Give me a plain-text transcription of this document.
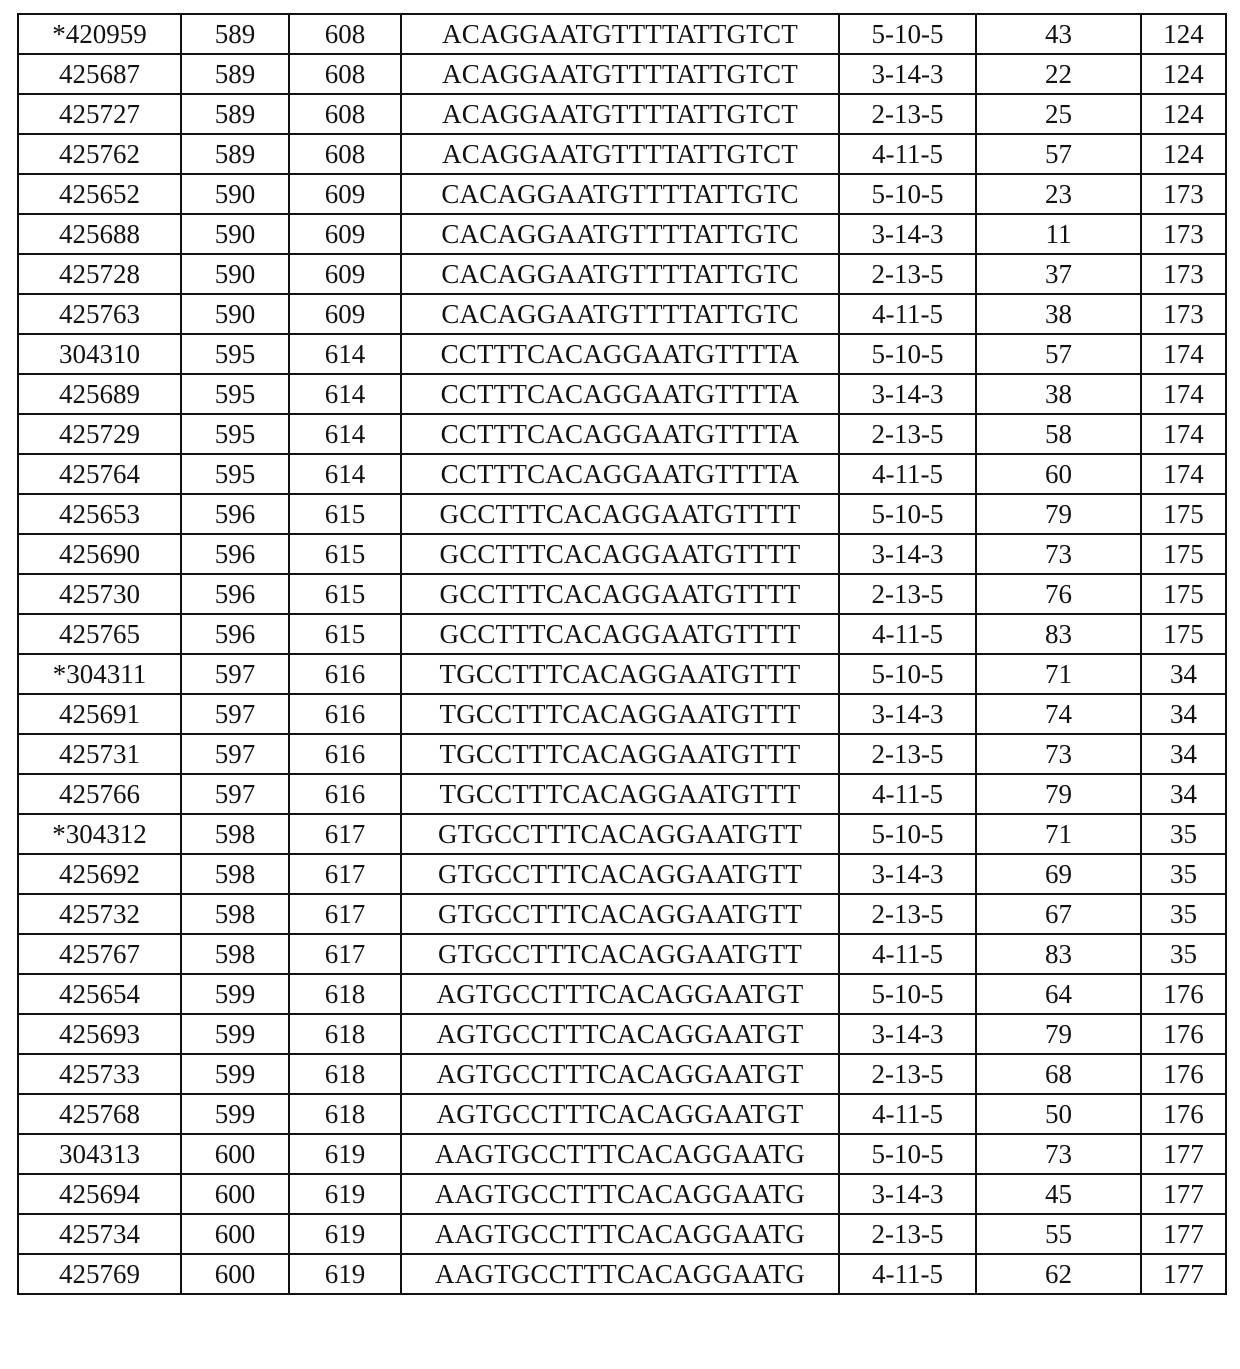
*420959	589	608	ACAGGAATGTTTTATTGTCT	5-10-5	43	124
425687	589	608	ACAGGAATGTTTTATTGTCT	3-14-3	22	124
425727	589	608	ACAGGAATGTTTTATTGTCT	2-13-5	25	124
425762	589	608	ACAGGAATGTTTTATTGTCT	4-11-5	57	124
425652	590	609	CACAGGAATGTTTTATTGTC	5-10-5	23	173
425688	590	609	CACAGGAATGTTTTATTGTC	3-14-3	11	173
425728	590	609	CACAGGAATGTTTTATTGTC	2-13-5	37	173
425763	590	609	CACAGGAATGTTTTATTGTC	4-11-5	38	173
304310	595	614	CCTTTCACAGGAATGTTTTA	5-10-5	57	174
425689	595	614	CCTTTCACAGGAATGTTTTA	3-14-3	38	174
425729	595	614	CCTTTCACAGGAATGTTTTA	2-13-5	58	174
425764	595	614	CCTTTCACAGGAATGTTTTA	4-11-5	60	174
425653	596	615	GCCTTTCACAGGAATGTTTT	5-10-5	79	175
425690	596	615	GCCTTTCACAGGAATGTTTT	3-14-3	73	175
425730	596	615	GCCTTTCACAGGAATGTTTT	2-13-5	76	175
425765	596	615	GCCTTTCACAGGAATGTTTT	4-11-5	83	175
*304311	597	616	TGCCTTTCACAGGAATGTTT	5-10-5	71	34
425691	597	616	TGCCTTTCACAGGAATGTTT	3-14-3	74	34
425731	597	616	TGCCTTTCACAGGAATGTTT	2-13-5	73	34
425766	597	616	TGCCTTTCACAGGAATGTTT	4-11-5	79	34
*304312	598	617	GTGCCTTTCACAGGAATGTT	5-10-5	71	35
425692	598	617	GTGCCTTTCACAGGAATGTT	3-14-3	69	35
425732	598	617	GTGCCTTTCACAGGAATGTT	2-13-5	67	35
425767	598	617	GTGCCTTTCACAGGAATGTT	4-11-5	83	35
425654	599	618	AGTGCCTTTCACAGGAATGT	5-10-5	64	176
425693	599	618	AGTGCCTTTCACAGGAATGT	3-14-3	79	176
425733	599	618	AGTGCCTTTCACAGGAATGT	2-13-5	68	176
425768	599	618	AGTGCCTTTCACAGGAATGT	4-11-5	50	176
304313	600	619	AAGTGCCTTTCACAGGAATG	5-10-5	73	177
425694	600	619	AAGTGCCTTTCACAGGAATG	3-14-3	45	177
425734	600	619	AAGTGCCTTTCACAGGAATG	2-13-5	55	177
425769	600	619	AAGTGCCTTTCACAGGAATG	4-11-5	62	177
